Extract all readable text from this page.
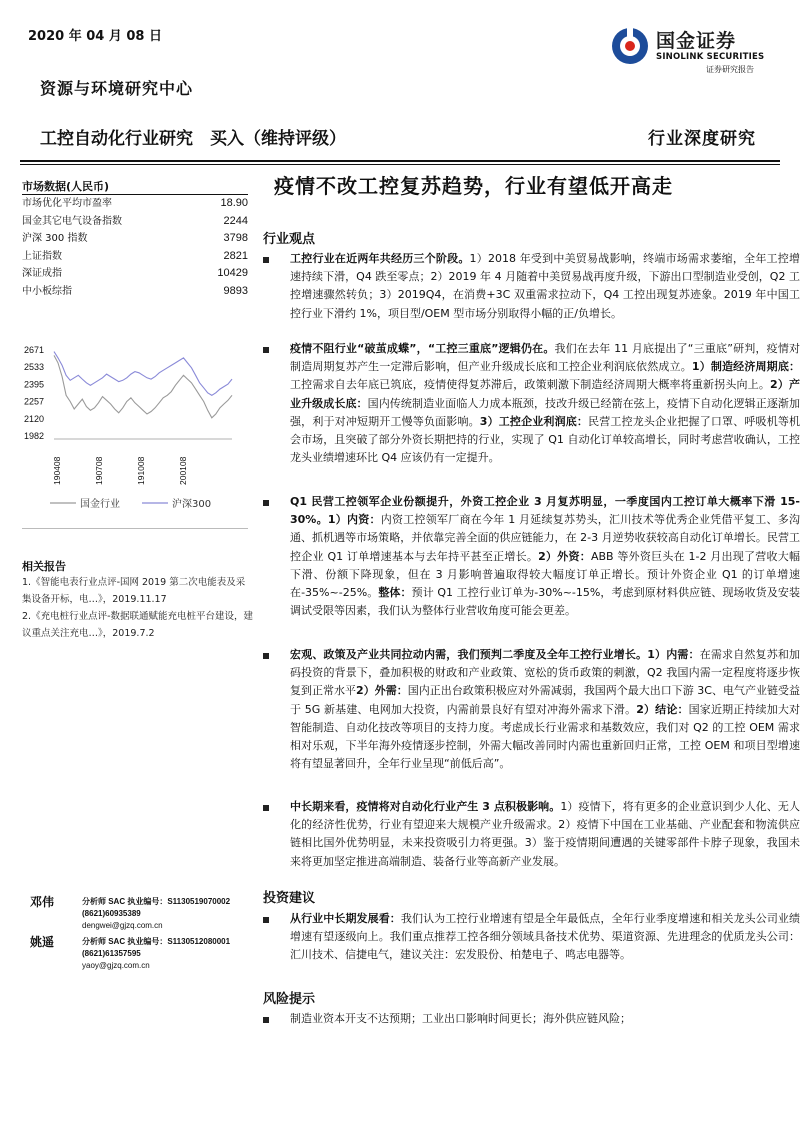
2020 年 04 月 08 日	国金证券
SINOLINK SECURITIES
证券研究报告
资源与环境研究中心
工控自动化行业研究　买入（维持评级）	行业深度研究
市场数据(人民币)
市场优化平均市盈率	18.90
国金其它电气设备指数	2244
沪深 300 指数	3798
上证指数	2821
深证成指	10429
中小板综指	9893
1982
2120
2257
2395
2533
2671
190408	190708	191008	200108
国金行业	沪深300
相关报告
1.《智能电表行业点评-国网 2019 第二次电能表及采集设备开标，电…》，2019.11.17
2.《充电桩行业点评-数据联通赋能充电桩平台建设，建议重点关注充电…》，2019.7.2
邓伟	分析师 SAC 执业编号：S1130519070002
(8621)60935389
dengwei@gjzq.com.cn
姚遥	分析师 SAC 执业编号：S1130512080001
(8621)61357595
yaoy@gjzq.com.cn
疫情不改工控复苏趋势，行业有望低开高走
行业观点
工控行业在近两年共经历三个阶段。1）2018 年受到中美贸易战影响，终端市场需求萎缩，全年工控增速持续下滑，Q4 跌至零点；2）2019 年 4 月随着中美贸易战再度升级，下游出口型制造业受创，Q2 工控增速骤然转负；3）2019Q4，在消费+3C 双重需求拉动下，Q4 工控出现复苏迹象。2019 年中国工控行业下滑约 1%，项目型/OEM 型市场分别取得小幅的正/负增长。
疫情不阻行业“破茧成蝶”，“工控三重底”逻辑仍在。我们在去年 11 月底提出了“三重底”研判，疫情对制造周期复苏产生一定滞后影响，但产业升级成长底和工控企业利润底依然成立。1）制造经济周期底：工控需求自去年底已筑底，疫情使得复苏滞后，政策刺激下制造经济周期大概率将重新拐头向上。2）产业升级成长底：国内传统制造业面临人力成本瓶颈，技改升级已经箭在弦上，疫情下自动化逻辑正逐渐加强，利于对冲短期开工慢等负面影响。3）工控企业利润底：民营工控龙头企业把握了口罩、呼吸机等机会市场，且突破了部分外资长期把持的行业，实现了 Q1 自动化订单较高增长，同时考虑营收确认，工控龙头业绩增速环比 Q4 应该仍有一定提升。
Q1 民营工控领军企业份额提升，外资工控企业 3 月复苏明显，一季度国内工控订单大概率下滑 15-30%。1）内资：内资工控领军厂商在今年 1 月延续复苏势头，汇川技术等优秀企业凭借平复工、多沟通、抓机遇等市场策略，并依靠完善全面的供应链能力，在 2-3 月逆势收获较高自动化订单增长。民营工控企业 Q1 订单增速基本与去年持平甚至正增长。2）外资：ABB 等外资巨头在 1-2 月出现了营收大幅下滑、份额下降现象，但在 3 月影响普遍取得较大幅度订单正增长。预计外资企业 Q1 的订单增速在-35%~-25%。整体：预计 Q1 工控行业订单为-30%~-15%，考虑到原材料供应链、现场收货及安装调试受限等因素，我们认为整体行业营收角度可能会更差。
宏观、政策及产业共同拉动内需，我们预判二季度及全年工控行业增长。1）内需：在需求自然复苏和加码投资的背景下，叠加积极的财政和产业政策、宽松的货币政策的刺激，Q2 我国内需一定程度将逐步恢复到正常水平2）外需：国内正出台政策积极应对外需减弱，我国两个最大出口下游 3C、电气产业链受益于 5G 新基建、电网加大投资，内需前景良好有望对冲海外需求下滑。2）结论：国家近期正持续加大对智能制造、自动化技改等项目的支持力度。考虑成长行业需求和基数效应，我们对 Q2 的工控 OEM 需求相对乐观，下半年海外疫情逐步控制，外需大幅改善同时内需也重新回归正常，工控 OEM 和项目型增速将有望显著回升，全年行业呈现“前低后高”。
中长期来看，疫情将对自动化行业产生 3 点积极影响。1）疫情下，将有更多的企业意识到少人化、无人化的经济性优势，行业有望迎来大规模产业升级需求。2）疫情下中国在工业基础、产业配套和物流供应链相比国外优势明显，未来投资吸引力将更强。3）鉴于疫情期间遭遇的关键零部件卡脖子现象，我国未来将更加坚定推进高端制造、装备行业等高新产业发展。
投资建议
从行业中长期发展看：我们认为工控行业增速有望是全年最低点，全年行业季度增速和相关龙头公司业绩增速有望逐级向上。我们重点推荐工控各细分领域具备技术优势、渠道资源、先进理念的优质龙头公司：汇川技术、信捷电气，建议关注：宏发股份、柏楚电子、鸣志电器等。
风险提示
制造业资本开支不达预期；工业出口影响时间更长；海外供应链风险；
